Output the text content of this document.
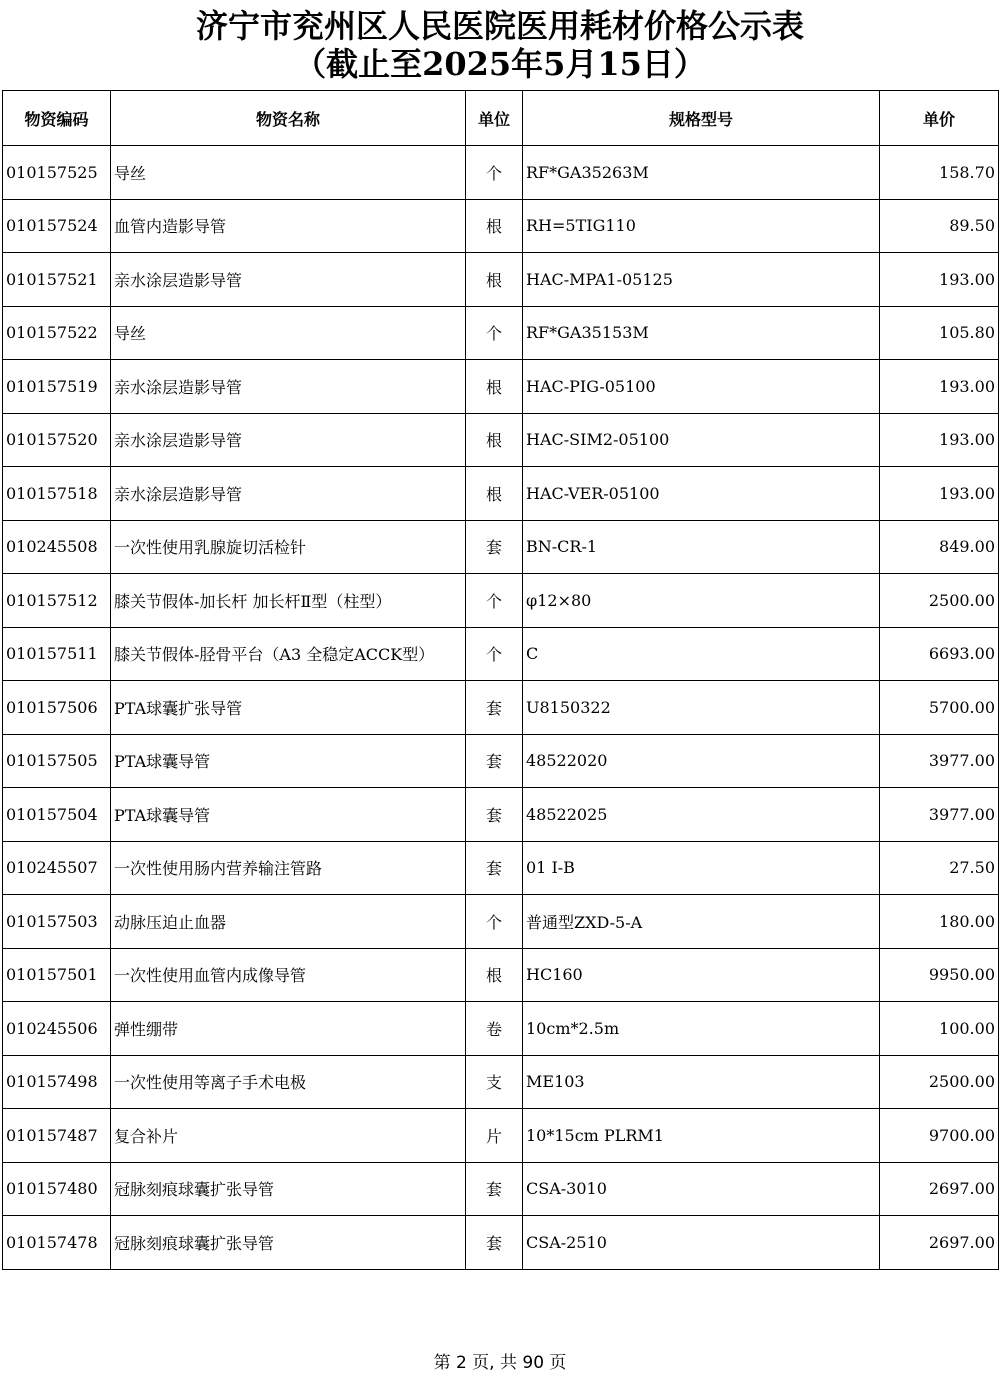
济宁市兖州区人民医院医用耗材价格公示表
（截止至2025年5月15日）
物资编码	物资名称	单位	规格型号	单价
010157525	导丝	个	RF*GA35263M	158.70
010157524	血管内造影导管	根	RH=5TIG110	89.50
010157521	亲水涂层造影导管	根	HAC-MPA1-05125	193.00
010157522	导丝	个	RF*GA35153M	105.80
010157519	亲水涂层造影导管	根	HAC-PIG-05100	193.00
010157520	亲水涂层造影导管	根	HAC-SIM2-05100	193.00
010157518	亲水涂层造影导管	根	HAC-VER-05100	193.00
010245508	一次性使用乳腺旋切活检针	套	BN-CR-1	849.00
010157512	膝关节假体-加长杆 加长杆Ⅱ型（柱型）	个	φ12×80	2500.00
010157511	膝关节假体-胫骨平台（A3 全稳定ACCK型）	个	C	6693.00
010157506	PTA球囊扩张导管	套	U8150322	5700.00
010157505	PTA球囊导管	套	48522020	3977.00
010157504	PTA球囊导管	套	48522025	3977.00
010245507	一次性使用肠内营养输注管路	套	01 Ⅰ-B	27.50
010157503	动脉压迫止血器	个	普通型ZXD-5-A	180.00
010157501	一次性使用血管内成像导管	根	HC160	9950.00
010245506	弹性绷带	卷	10cm*2.5m	100.00
010157498	一次性使用等离子手术电极	支	ME103	2500.00
010157487	复合补片	片	10*15cm PLRM1	9700.00
010157480	冠脉刻痕球囊扩张导管	套	CSA-3010	2697.00
010157478	冠脉刻痕球囊扩张导管	套	CSA-2510	2697.00
第 2 页, 共 90 页
